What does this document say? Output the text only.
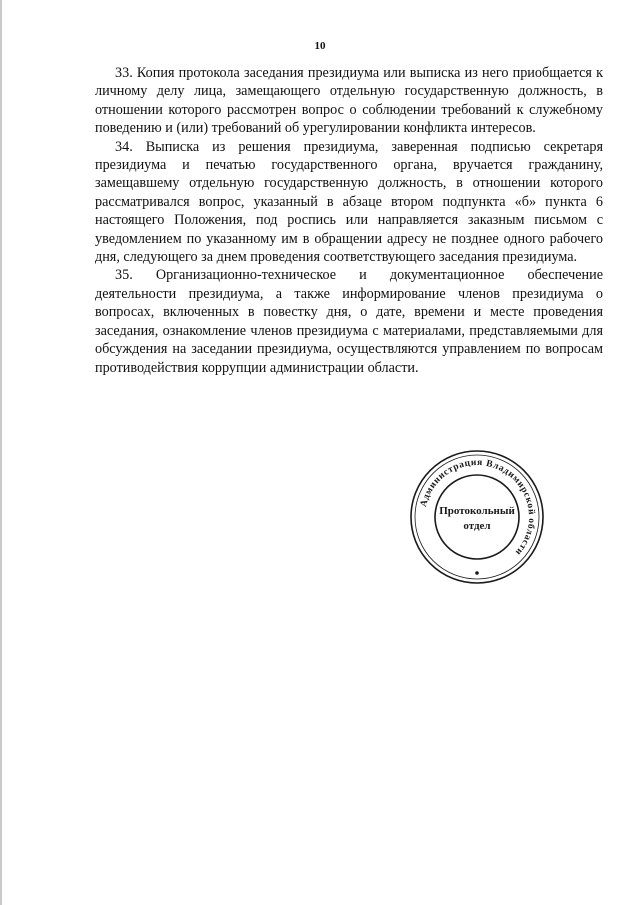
10

33. Копия протокола заседания президиума или выписка из него приобщается к личному делу лица, замещающего отдельную государственную должность, в отношении которого рассмотрен вопрос о соблюдении требований к служебному поведению и (или) требований об урегулировании конфликта интересов.

34. Выписка из решения президиума, заверенная подписью секретаря президиума и печатью государственного органа, вручается гражданину, замещавшему отдельную государственную должность, в отношении которого рассматривался вопрос, указанный в абзаце втором подпункта «б» пункта 6 настоящего Положения, под роспись или направляется заказным письмом с уведомлением по указанному им в обращении адресу не позднее одного рабочего дня, следующего за днем проведения соответствующего заседания президиума.

35. Организационно-техническое и документационное обеспечение деятельности президиума, а также информирование членов президиума о вопросах, включенных в повестку дня, о дате, времени и месте проведения заседания, ознакомление членов президиума с материалами, представляемыми для обсуждения на заседании президиума, осуществляются управлением по вопросам противодействия коррупции администрации области.

Администрация Владимирской области
Протокольный
отдел
